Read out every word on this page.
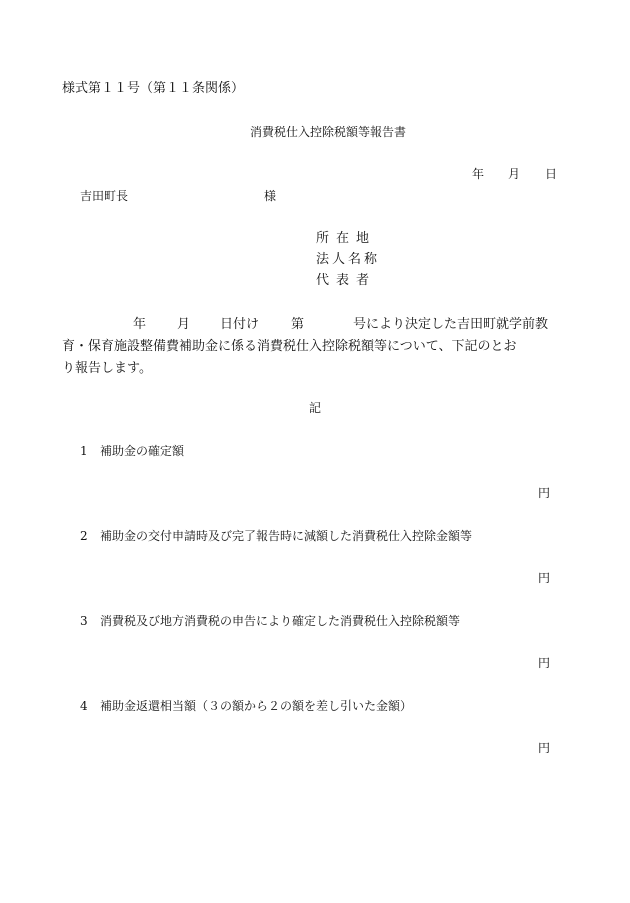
様式第１１号（第１１条関係）
消費税仕入控除税額等報告書
年 月 日
吉田町長	様
所在地
法人名称
代表者
年 月 日付け 第	号により決定した吉田町就学前教
育・保育施設整備費補助金に係る消費税仕入控除税額等について、下記のとお
り報告します。
記
1 補助金の確定額
円
2 補助金の交付申請時及び完了報告時に減額した消費税仕入控除金額等
円
3 消費税及び地方消費税の申告により確定した消費税仕入控除税額等
円
4 補助金返還相当額（３の額から２の額を差し引いた金額）
円
